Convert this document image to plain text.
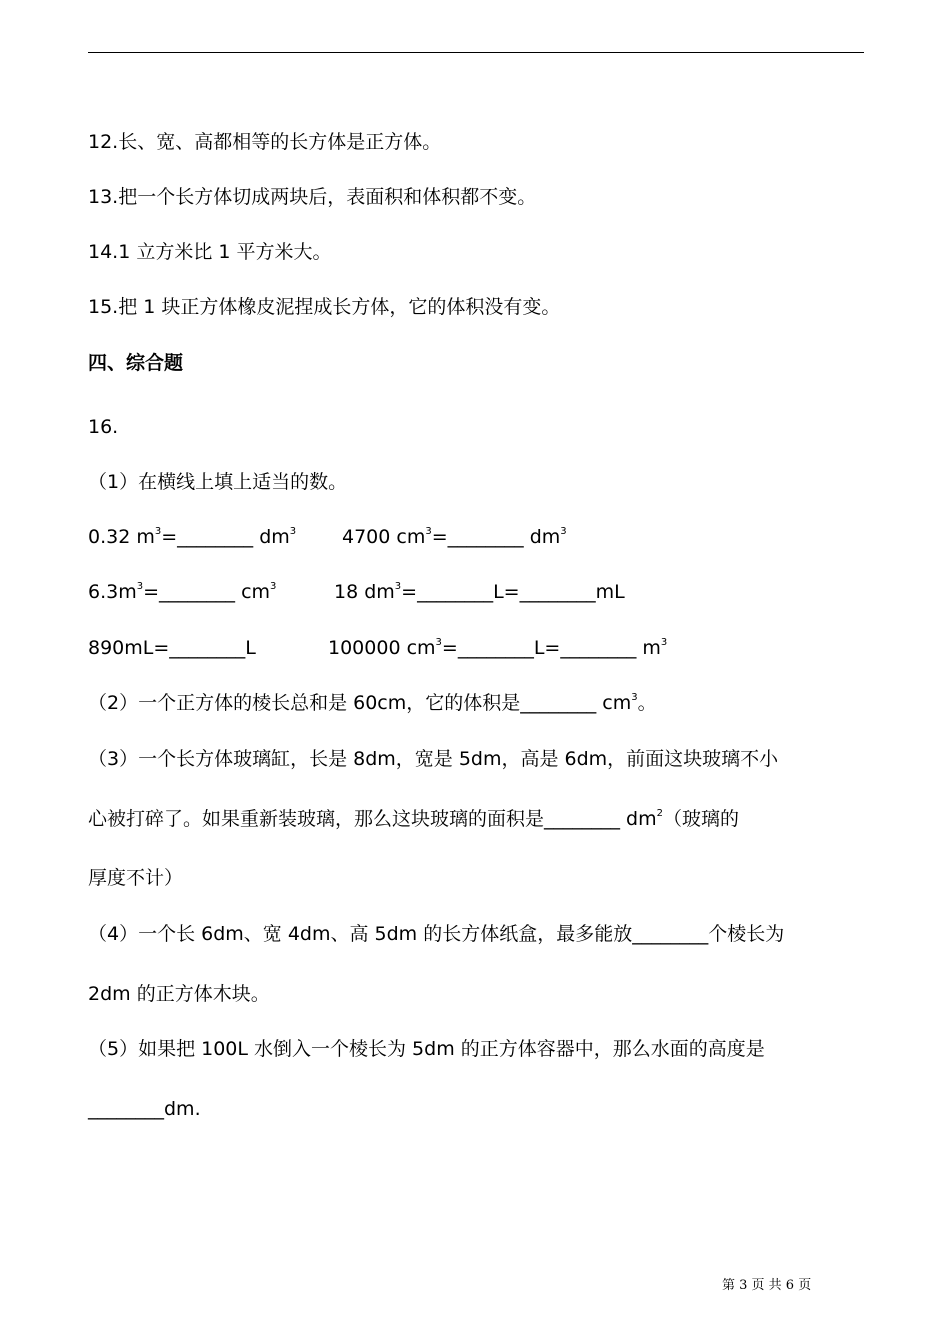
12.长、宽、高都相等的长方体是正方体。
13.把一个长方体切成两块后，表面积和体积都不变。
14.1 立方米比 1 平方米大。
15.把 1 块正方体橡皮泥捏成长方体，它的体积没有变。
四、综合题
16.
（1）在横线上填上适当的数。
0.32 $m^3=\_\_\_\_\_\_\_\_$ $dm^3$ 4700 $cm^3=\_\_\_\_\_\_\_\_$ $dm^3$
$6.3m^3=\_\_\_\_\_\_\_\_$ $cm^3$	18 $dm^3=\_\_\_\_\_\_\_\_L=\_\_\_\_\_\_\_\_mL$
890mL=________L	100000 $cm^3=\_\_\_\_\_\_\_\_L=\_\_\_\_\_\_\_\_$ $m^3$
（2）一个正方体的棱长总和是 60cm，它的体积是________ $cm^3$。
（3）一个长方体玻璃缸，长是 8dm，宽是 5dm，高是 6dm，前面这块玻璃不小
心被打碎了。如果重新装玻璃，那么这块玻璃的面积是________ $dm^2$（玻璃的
厚度不计）
（4）一个长 6dm、宽 4dm、高 5dm 的长方体纸盒，最多能放________个棱长为
2dm 的正方体木块。
（5）如果把 100L 水倒入一个棱长为 5dm 的正方体容器中，那么水面的高度是
________dm.
第 3 页 共 6 页
